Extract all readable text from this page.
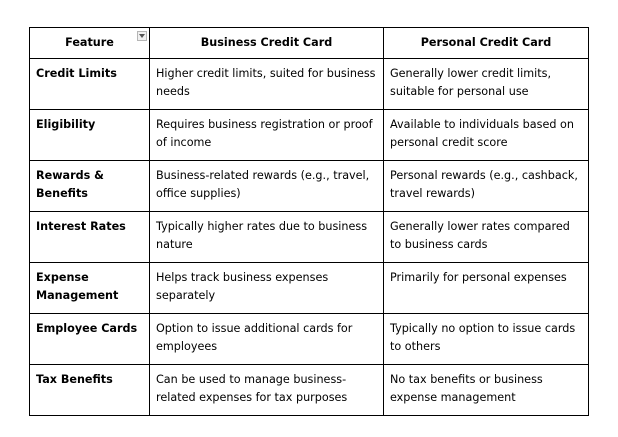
Feature	Business Credit Card	Personal Credit Card
Credit Limits	Higher credit limits, suited for business needs	Generally lower credit limits, suitable for personal use
Eligibility	Requires business registration or proof of income	Available to individuals based on personal credit score
Rewards & Benefits	Business-related rewards (e.g., travel, office supplies)	Personal rewards (e.g., cashback, travel rewards)
Interest Rates	Typically higher rates due to business nature	Generally lower rates compared to business cards
Expense Management	Helps track business expenses separately	Primarily for personal expenses
Employee Cards	Option to issue additional cards for employees	Typically no option to issue cards to others
Tax Benefits	Can be used to manage business-related expenses for tax purposes	No tax benefits or business expense management
